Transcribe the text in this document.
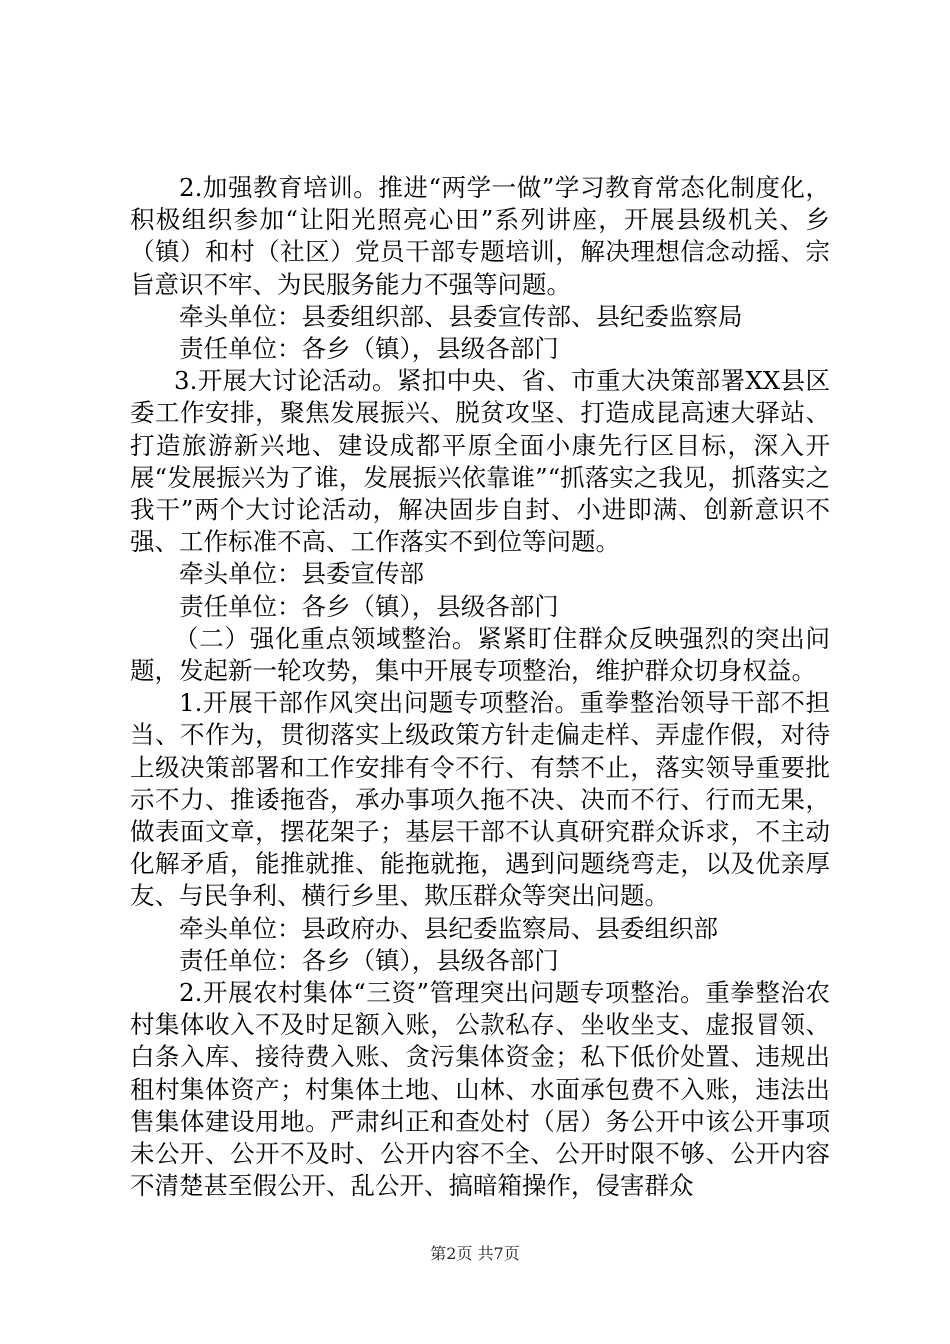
2.加强教育培训。推进“两学一做”学习教育常态化制度化，积极组织参加“让阳光照亮心田”系列讲座，开展县级机关、乡（镇）和村（社区）党员干部专题培训，解决理想信念动摇、宗旨意识不牢、为民服务能力不强等问题。

牵头单位：县委组织部、县委宣传部、县纪委监察局

责任单位：各乡（镇），县级各部门

3.开展大讨论活动。紧扣中央、省、市重大决策部署XX县区委工作安排，聚焦发展振兴、脱贫攻坚、打造成昆高速大驿站、打造旅游新兴地、建设成都平原全面小康先行区目标，深入开展“发展振兴为了谁，发展振兴依靠谁”“抓落实之我见，抓落实之我干”两个大讨论活动，解决固步自封、小进即满、创新意识不强、工作标准不高、工作落实不到位等问题。

牵头单位：县委宣传部

责任单位：各乡（镇），县级各部门

（二）强化重点领域整治。紧紧盯住群众反映强烈的突出问题，发起新一轮攻势，集中开展专项整治，维护群众切身权益。

1.开展干部作风突出问题专项整治。重拳整治领导干部不担当、不作为，贯彻落实上级政策方针走偏走样、弄虚作假，对待上级决策部署和工作安排有令不行、有禁不止，落实领导重要批示不力、推诿拖沓，承办事项久拖不决、决而不行、行而无果，做表面文章，摆花架子；基层干部不认真研究群众诉求，不主动化解矛盾，能推就推、能拖就拖，遇到问题绕弯走，以及优亲厚友、与民争利、横行乡里、欺压群众等突出问题。

牵头单位：县政府办、县纪委监察局、县委组织部

责任单位：各乡（镇），县级各部门

2.开展农村集体“三资”管理突出问题专项整治。重拳整治农村集体收入不及时足额入账，公款私存、坐收坐支、虚报冒领、白条入库、接待费入账、贪污集体资金；私下低价处置、违规出租村集体资产；村集体土地、山林、水面承包费不入账，违法出售集体建设用地。严肃纠正和查处村（居）务公开中该公开事项未公开、公开不及时、公开内容不全、公开时限不够、公开内容不清楚甚至假公开、乱公开、搞暗箱操作，侵害群众

第2页 共7页
